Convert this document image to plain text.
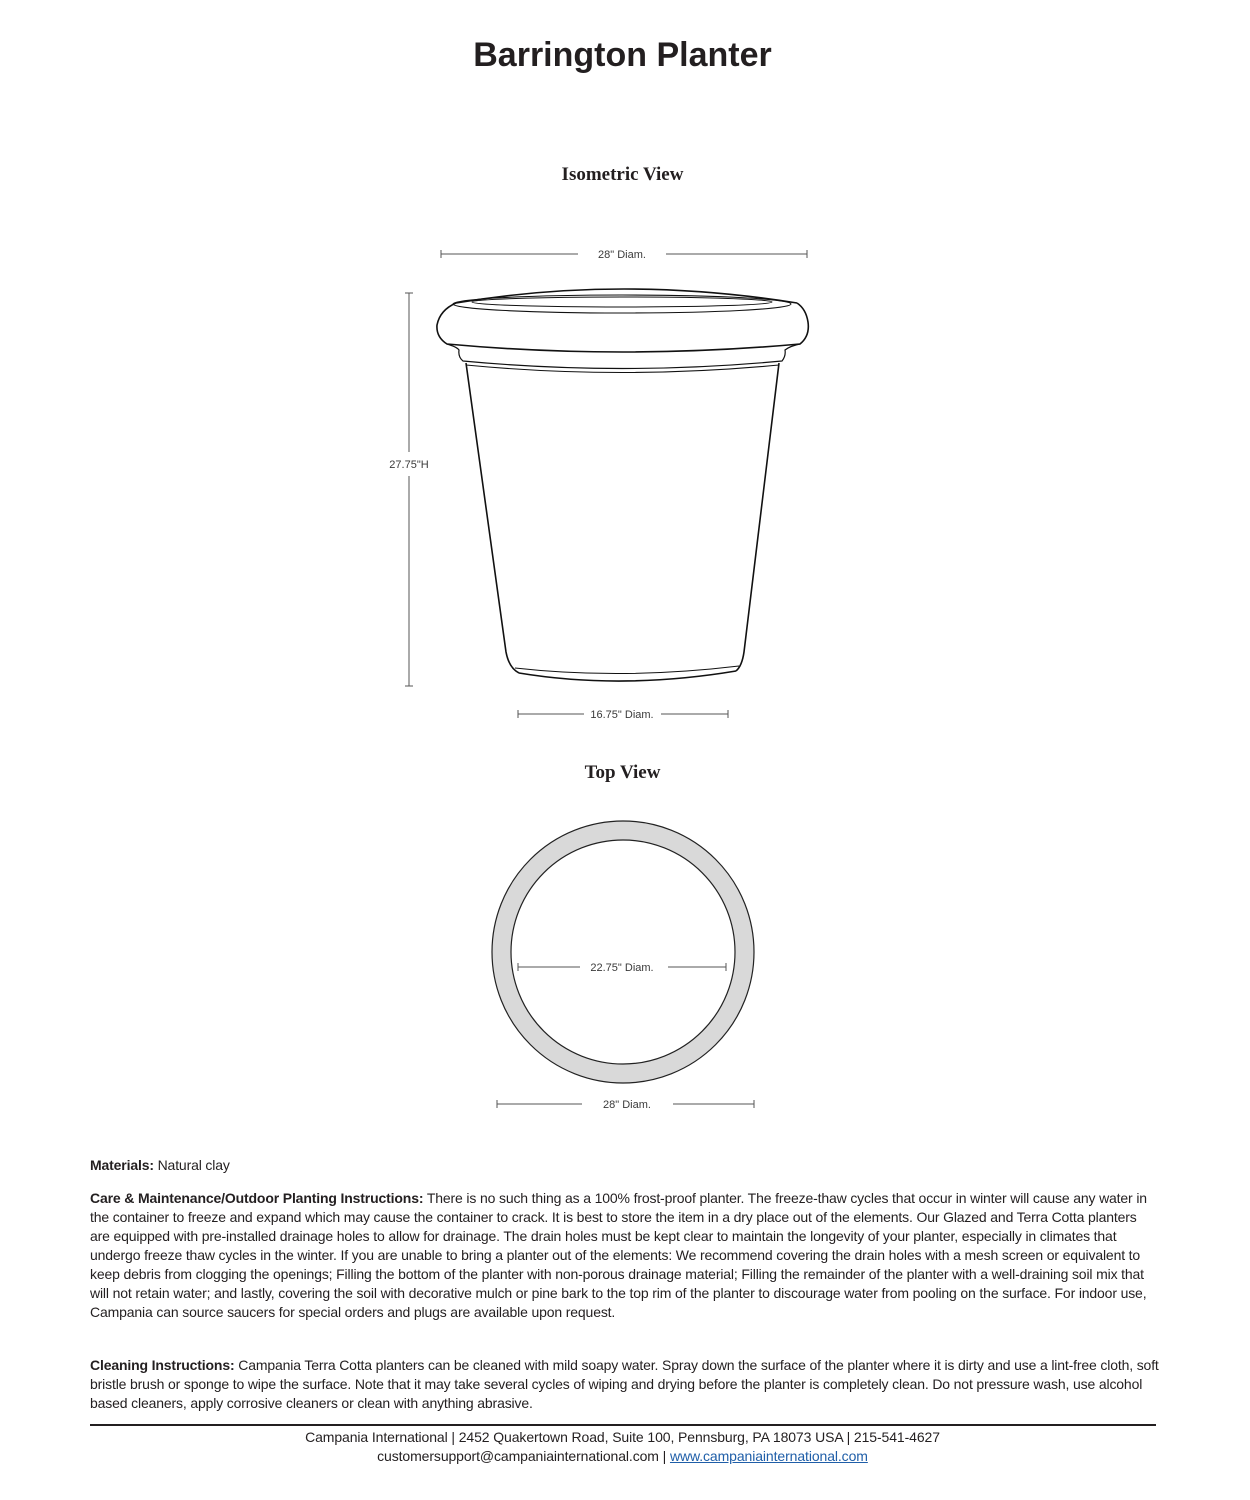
Barrington Planter
Isometric View
28" Diam.
27.75"H
16.75" Diam.
Top View
22.75" Diam.
28" Diam.
Materials: Natural clay
Care & Maintenance/Outdoor Planting Instructions: There is no such thing as a 100% frost-proof planter. The freeze-thaw cycles that occur in winter will cause any water in the container to freeze and expand which may cause the container to crack. It is best to store the item in a dry place out of the elements. Our Glazed and Terra Cotta planters are equipped with pre-installed drainage holes to allow for drainage. The drain holes must be kept clear to maintain the longevity of your planter, especially in climates that undergo freeze thaw cycles in the winter. If you are unable to bring a planter out of the elements: We recommend covering the drain holes with a mesh screen or equivalent to keep debris from clogging the openings; Filling the bottom of the planter with non-porous drainage material; Filling the remainder of the planter with a well-draining soil mix that will not retain water; and lastly, covering the soil with decorative mulch or pine bark to the top rim of the planter to discourage water from pooling on the surface. For indoor use, Campania can source saucers for special orders and plugs are available upon request.
Cleaning Instructions: Campania Terra Cotta planters can be cleaned with mild soapy water. Spray down the surface of the planter where it is dirty and use a lint-free cloth, soft bristle brush or sponge to wipe the surface. Note that it may take several cycles of wiping and drying before the planter is completely clean. Do not pressure wash, use alcohol based cleaners, apply corrosive cleaners or clean with anything abrasive.
Campania International | 2452 Quakertown Road, Suite 100, Pennsburg, PA 18073 USA | 215-541-4627
customersupport@campaniainternational.com | www.campaniainternational.com
